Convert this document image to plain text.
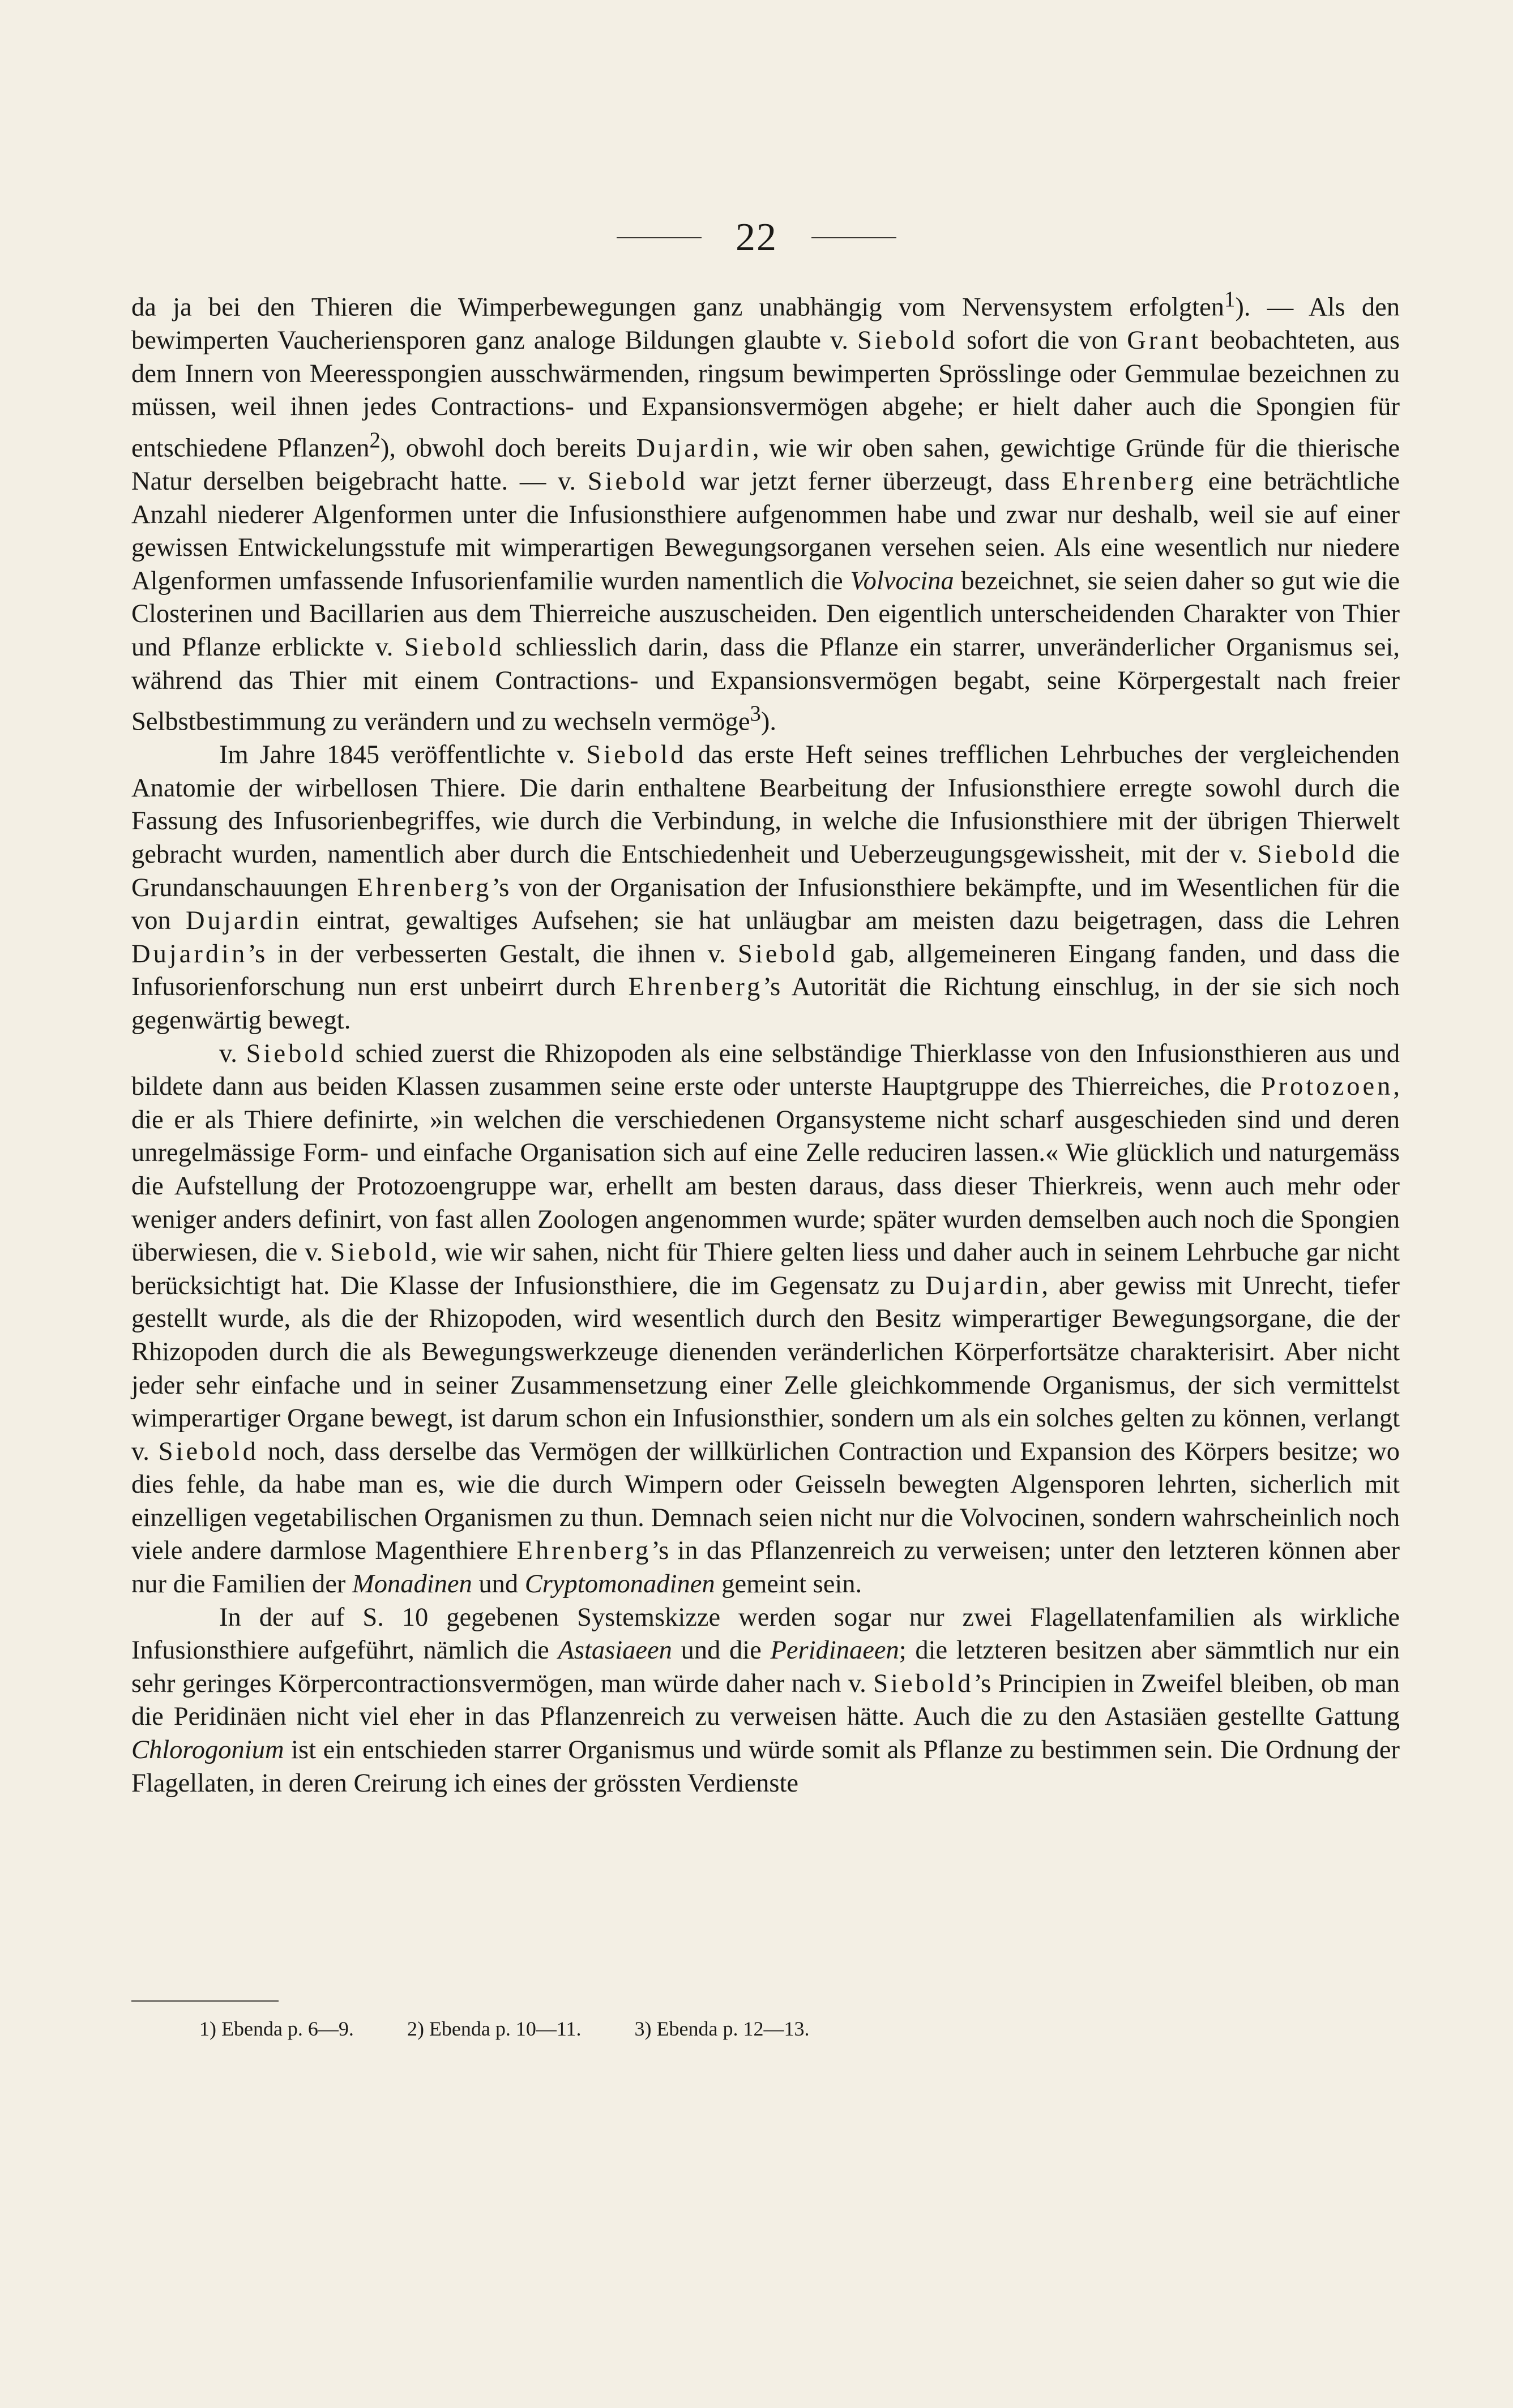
22

da ja bei den Thieren die Wimperbewegungen ganz unabhängig vom Nervensystem erfolgten$^1$). — Als den bewimperten Vaucheriensporen ganz analoge Bildungen glaubte v. Siebold sofort die von Grant beobachteten, aus dem Innern von Meeresspongien ausschwärmenden, ringsum bewimperten Sprösslinge oder Gemmulae bezeichnen zu müssen, weil ihnen jedes Contractions- und Expansionsvermögen abgehe; er hielt daher auch die Spongien für entschiedene Pflanzen$^2$), obwohl doch bereits Dujardin, wie wir oben sahen, gewichtige Gründe für die thierische Natur derselben beigebracht hatte. — v. Siebold war jetzt ferner überzeugt, dass Ehrenberg eine beträchtliche Anzahl niederer Algenformen unter die Infusionsthiere aufgenommen habe und zwar nur deshalb, weil sie auf einer gewissen Entwickelungsstufe mit wimperartigen Bewegungsorganen versehen seien. Als eine wesentlich nur niedere Algenformen umfassende Infusorienfamilie wurden namentlich die Volvocina bezeichnet, sie seien daher so gut wie die Closterinen und Bacillarien aus dem Thierreiche auszuscheiden. Den eigentlich unterscheidenden Charakter von Thier und Pflanze erblickte v. Siebold schliesslich darin, dass die Pflanze ein starrer, unveränderlicher Organismus sei, während das Thier mit einem Contractions- und Expansionsvermögen begabt, seine Körpergestalt nach freier Selbstbestimmung zu verändern und zu wechseln vermöge$^3$).

Im Jahre 1845 veröffentlichte v. Siebold das erste Heft seines trefflichen Lehrbuches der vergleichenden Anatomie der wirbellosen Thiere. Die darin enthaltene Bearbeitung der Infusionsthiere erregte sowohl durch die Fassung des Infusorienbegriffes, wie durch die Verbindung, in welche die Infusionsthiere mit der übrigen Thierwelt gebracht wurden, namentlich aber durch die Entschiedenheit und Ueberzeugungsgewissheit, mit der v. Siebold die Grundanschauungen Ehrenberg’s von der Organisation der Infusionsthiere bekämpfte, und im Wesentlichen für die von Dujardin eintrat, gewaltiges Aufsehen; sie hat unläugbar am meisten dazu beigetragen, dass die Lehren Dujardin’s in der verbesserten Gestalt, die ihnen v. Siebold gab, allgemeineren Eingang fanden, und dass die Infusorienforschung nun erst unbeirrt durch Ehrenberg’s Autorität die Richtung einschlug, in der sie sich noch gegenwärtig bewegt.

v. Siebold schied zuerst die Rhizopoden als eine selbständige Thierklasse von den Infusionsthieren aus und bildete dann aus beiden Klassen zusammen seine erste oder unterste Hauptgruppe des Thierreiches, die Protozoen, die er als Thiere definirte, »in welchen die verschiedenen Organsysteme nicht scharf ausgeschieden sind und deren unregelmässige Form- und einfache Organisation sich auf eine Zelle reduciren lassen.« Wie glücklich und naturgemäss die Aufstellung der Protozoengruppe war, erhellt am besten daraus, dass dieser Thierkreis, wenn auch mehr oder weniger anders definirt, von fast allen Zoologen angenommen wurde; später wurden demselben auch noch die Spongien überwiesen, die v. Siebold, wie wir sahen, nicht für Thiere gelten liess und daher auch in seinem Lehrbuche gar nicht berücksichtigt hat. Die Klasse der Infusionsthiere, die im Gegensatz zu Dujardin, aber gewiss mit Unrecht, tiefer gestellt wurde, als die der Rhizopoden, wird wesentlich durch den Besitz wimperartiger Bewegungsorgane, die der Rhizopoden durch die als Bewegungswerkzeuge dienenden veränderlichen Körperfortsätze charakterisirt. Aber nicht jeder sehr einfache und in seiner Zusammensetzung einer Zelle gleichkommende Organismus, der sich vermittelst wimperartiger Organe bewegt, ist darum schon ein Infusionsthier, sondern um als ein solches gelten zu können, verlangt v. Siebold noch, dass derselbe das Vermögen der willkürlichen Contraction und Expansion des Körpers besitze; wo dies fehle, da habe man es, wie die durch Wimpern oder Geisseln bewegten Algensporen lehrten, sicherlich mit einzelligen vegetabilischen Organismen zu thun. Demnach seien nicht nur die Volvocinen, sondern wahrscheinlich noch viele andere darmlose Magenthiere Ehrenberg’s in das Pflanzenreich zu verweisen; unter den letzteren können aber nur die Familien der Monadinen und Cryptomonadinen gemeint sein.

In der auf S. 10 gegebenen Systemskizze werden sogar nur zwei Flagellatenfamilien als wirkliche Infusionsthiere aufgeführt, nämlich die Astasiaeen und die Peridinaeen; die letzteren besitzen aber sämmtlich nur ein sehr geringes Körpercontractionsvermögen, man würde daher nach v. Siebold’s Principien in Zweifel bleiben, ob man die Peridinäen nicht viel eher in das Pflanzenreich zu verweisen hätte. Auch die zu den Astasiäen gestellte Gattung Chlorogonium ist ein entschieden starrer Organismus und würde somit als Pflanze zu bestimmen sein. Die Ordnung der Flagellaten, in deren Creirung ich eines der grössten Verdienste

1) Ebenda p. 6—9.	2) Ebenda p. 10—11.	3) Ebenda p. 12—13.
